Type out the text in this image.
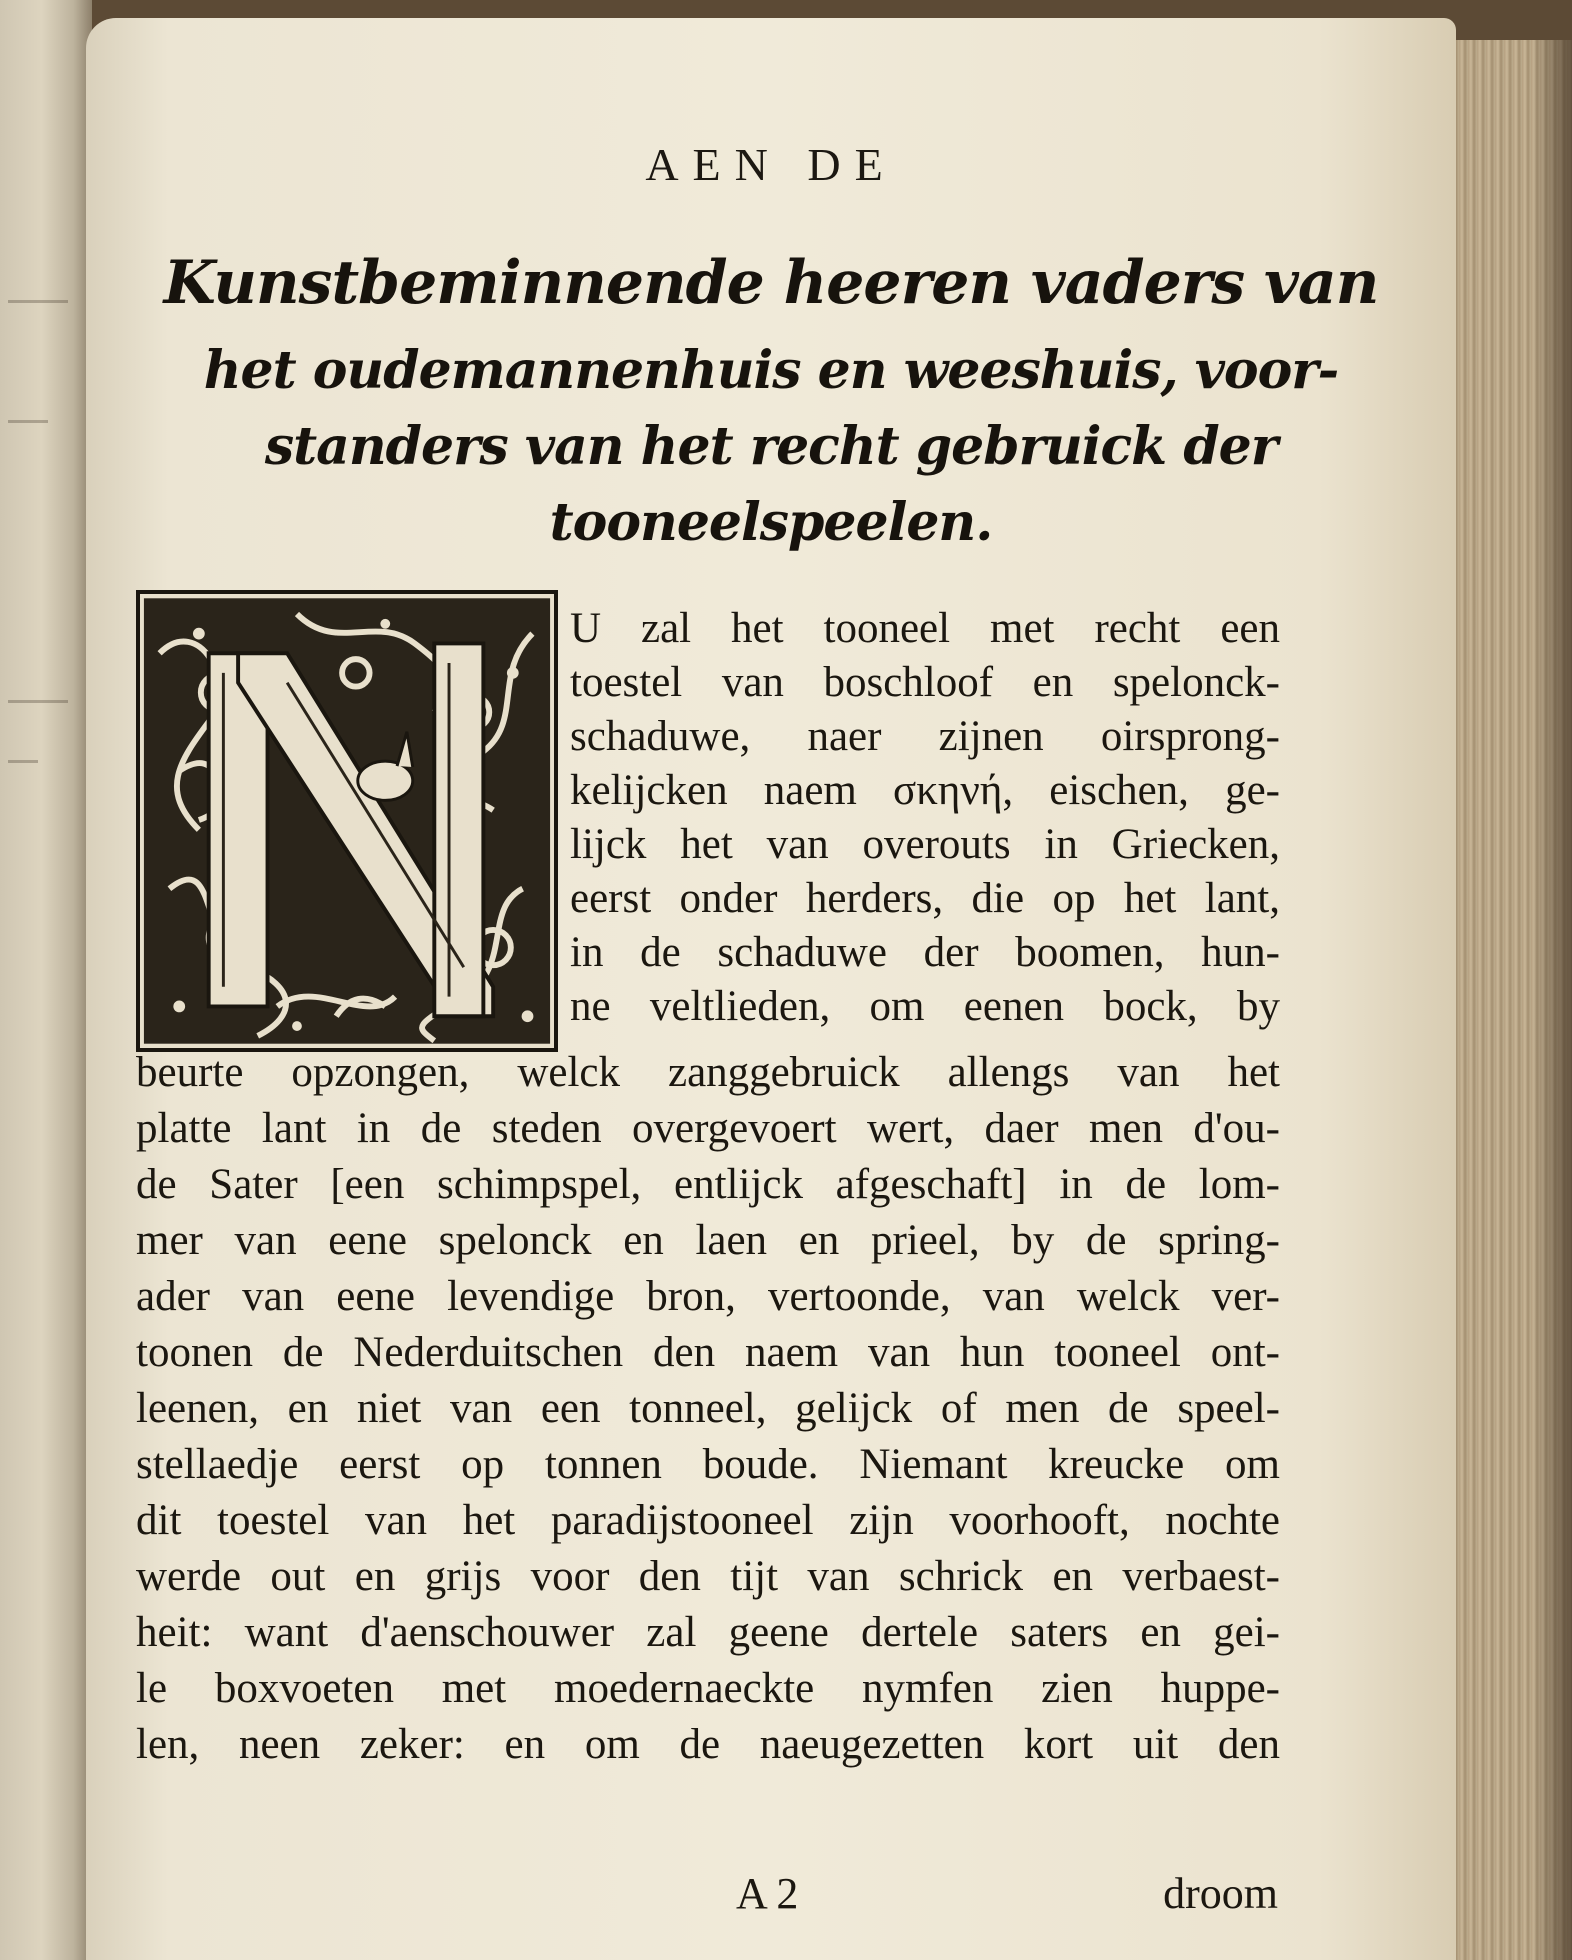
AEN DE
Kunstbeminnende heeren vaders van
het oudemannenhuis en weeshuis, voor-
standers van het recht gebruick der
tooneelspeelen.
U zal het tooneel met recht een
toestel van boschloof en spelonck-
schaduwe, naer zijnen oirsprong-
kelijcken naem σκηνή, eischen, ge-
lijck het van overouts in Griecken,
eerst onder herders, die op het lant,
in de schaduwe der boomen, hun-
ne veltlieden, om eenen bock, by
beurte opzongen, welck zanggebruick allengs van het
platte lant in de steden overgevoert wert, daer men d'ou-
de Sater [een schimpspel, entlijck afgeschaft] in de lom-
mer van eene spelonck en laen en prieel, by de spring-
ader van eene levendige bron, vertoonde, van welck ver-
toonen de Nederduitschen den naem van hun tooneel ont-
leenen, en niet van een tonneel, gelijck of men de speel-
stellaedje eerst op tonnen boude. Niemant kreucke om
dit toestel van het paradijstooneel zijn voorhooft, nochte
werde out en grijs voor den tijt van schrick en verbaest-
heit: want d'aenschouwer zal geene dertele saters en gei-
le boxvoeten met moedernaeckte nymfen zien huppe-
len, neen zeker: en om de naeugezetten kort uit den
A 2	droom
